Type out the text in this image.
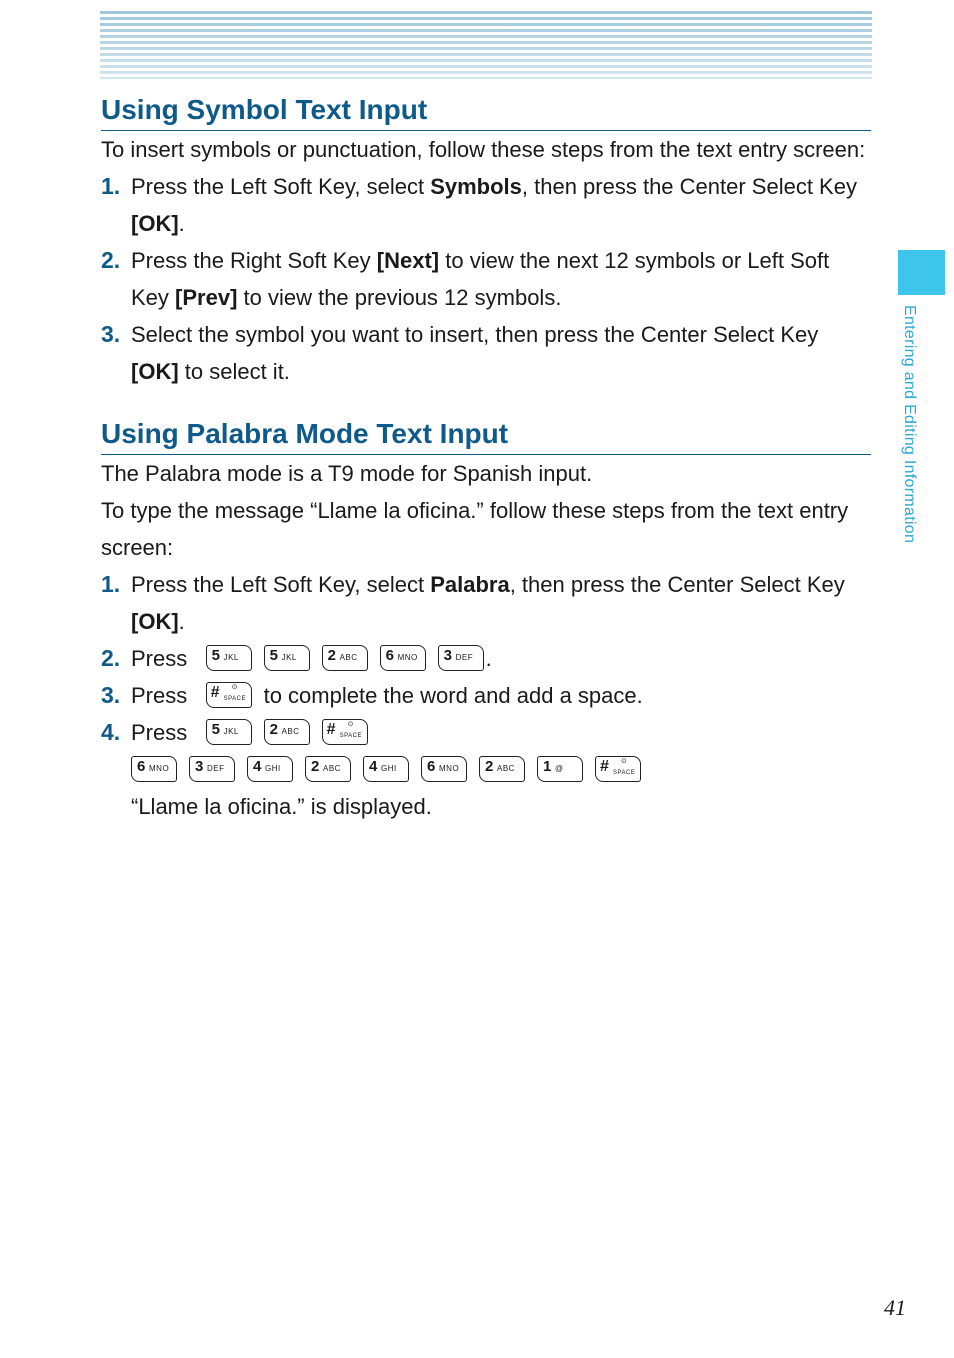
Entering and Editing Information
Using Symbol Text Input

To insert symbols or punctuation, follow these steps from the text entry screen:

1. Press the Left Soft Key, select Symbols, then press the Center Select Key [OK].
2. Press the Right Soft Key [Next] to view the next 12 symbols or Left Soft Key [Prev] to view the previous 12 symbols.
3. Select the symbol you want to insert, then press the Center Select Key [OK] to select it.
Using Palabra Mode Text Input

The Palabra mode is a T9 mode for Spanish input.

To type the message “Llame la oficina.” follow these steps from the text entry screen:

1. Press the Left Soft Key, select Palabra, then press the Center Select Key [OK].
2. Press 5 JKL 5 JKL 2 ABC 6 MNO 3 DEF .
3. Press # ⊙
SPACE to complete the word and add a space.
4. Press 5 JKL 2 ABC # ⊙
SPACE
6 MNO 3 DEF 4 GHI 2 ABC 4 GHI 6 MNO 2 ABC 1 @ # ⊙
SPACE
“Llame la oficina.” is displayed.
41
